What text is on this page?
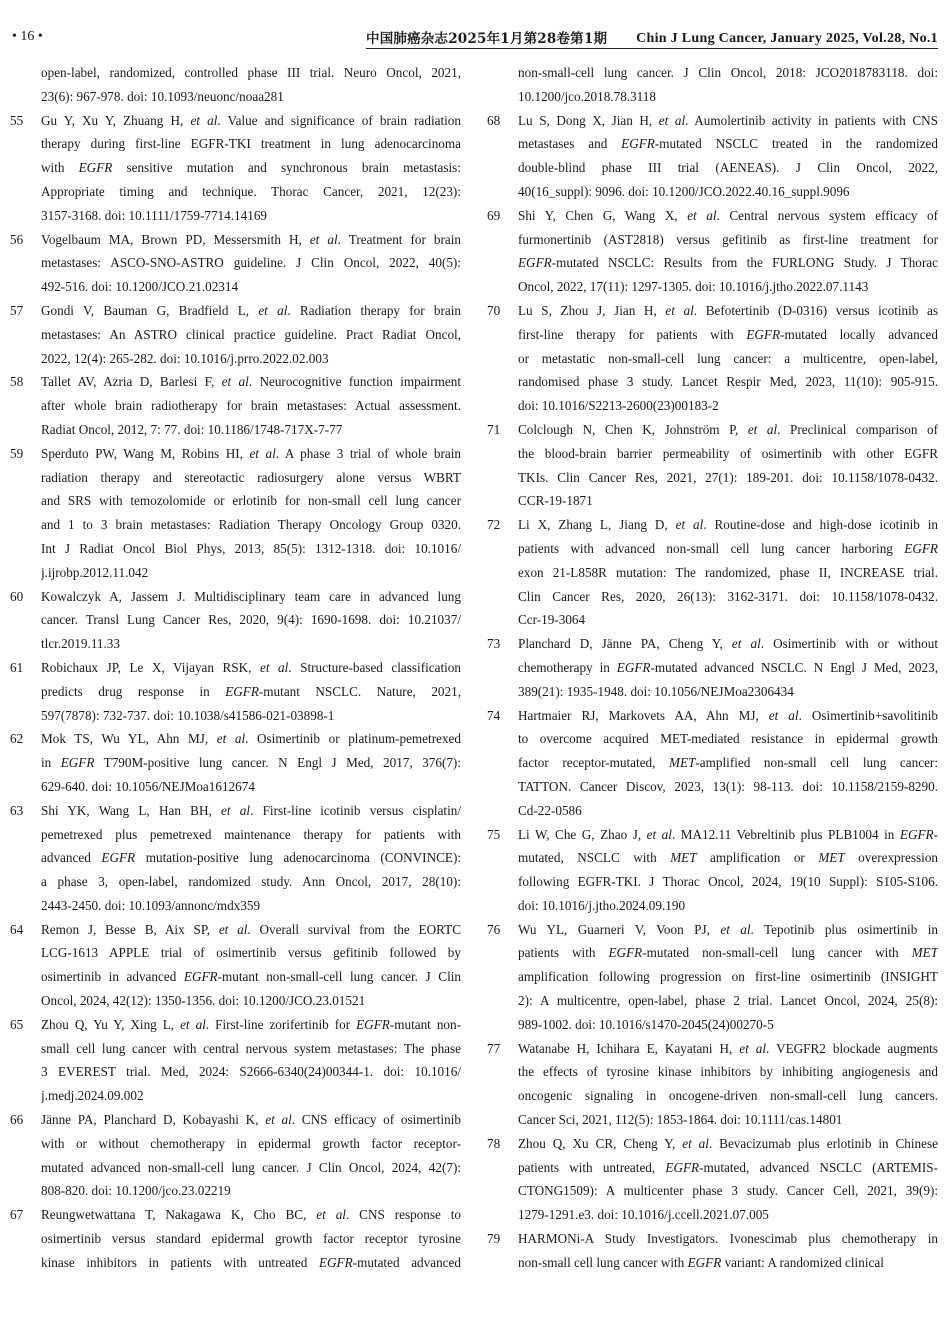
• 16 •	中国肺癌杂志2025年1月第28卷第1期 Chin J Lung Cancer, January 2025, Vol.28, No.1
open-label, randomized, controlled phase III trial. Neuro Oncol, 2021,
23(6): 967-978. doi: 10.1093/neuonc/noaa281
55 Gu Y, Xu Y, Zhuang H, et al. Value and significance of brain radiation
therapy during first-line EGFR-TKI treatment in lung adenocarcinoma
with EGFR sensitive mutation and synchronous brain metastasis:
Appropriate timing and technique. Thorac Cancer, 2021, 12(23):
3157-3168. doi: 10.1111/1759-7714.14169
56 Vogelbaum MA, Brown PD, Messersmith H, et al. Treatment for brain
metastases: ASCO-SNO-ASTRO guideline. J Clin Oncol, 2022, 40(5):
492-516. doi: 10.1200/JCO.21.02314
57 Gondi V, Bauman G, Bradfield L, et al. Radiation therapy for brain
metastases: An ASTRO clinical practice guideline. Pract Radiat Oncol,
2022, 12(4): 265-282. doi: 10.1016/j.prro.2022.02.003
58 Tallet AV, Azria D, Barlesi F, et al. Neurocognitive function impairment
after whole brain radiotherapy for brain metastases: Actual assessment.
Radiat Oncol, 2012, 7: 77. doi: 10.1186/1748-717X-7-77
59 Sperduto PW, Wang M, Robins HI, et al. A phase 3 trial of whole brain
radiation therapy and stereotactic radiosurgery alone versus WBRT
and SRS with temozolomide or erlotinib for non-small cell lung cancer
and 1 to 3 brain metastases: Radiation Therapy Oncology Group 0320.
Int J Radiat Oncol Biol Phys, 2013, 85(5): 1312-1318. doi: 10.1016/
j.ijrobp.2012.11.042
60 Kowalczyk A, Jassem J. Multidisciplinary team care in advanced lung
cancer. Transl Lung Cancer Res, 2020, 9(4): 1690-1698. doi: 10.21037/
tlcr.2019.11.33
61 Robichaux JP, Le X, Vijayan RSK, et al. Structure-based classification
predicts drug response in EGFR-mutant NSCLC. Nature, 2021,
597(7878): 732-737. doi: 10.1038/s41586-021-03898-1
62 Mok TS, Wu YL, Ahn MJ, et al. Osimertinib or platinum-pemetrexed
in EGFR T790M-positive lung cancer. N Engl J Med, 2017, 376(7):
629-640. doi: 10.1056/NEJMoa1612674
63 Shi YK, Wang L, Han BH, et al. First-line icotinib versus cisplatin/
pemetrexed plus pemetrexed maintenance therapy for patients with
advanced EGFR mutation-positive lung adenocarcinoma (CONVINCE):
a phase 3, open-label, randomized study. Ann Oncol, 2017, 28(10):
2443-2450. doi: 10.1093/annonc/mdx359
64 Remon J, Besse B, Aix SP, et al. Overall survival from the EORTC
LCG-1613 APPLE trial of osimertinib versus gefitinib followed by
osimertinib in advanced EGFR-mutant non-small-cell lung cancer. J Clin
Oncol, 2024, 42(12): 1350-1356. doi: 10.1200/JCO.23.01521
65 Zhou Q, Yu Y, Xing L, et al. First-line zorifertinib for EGFR-mutant non-
small cell lung cancer with central nervous system metastases: The phase
3 EVEREST trial. Med, 2024: S2666-6340(24)00344-1. doi: 10.1016/
j.medj.2024.09.002
66 Jänne PA, Planchard D, Kobayashi K, et al. CNS efficacy of osimertinib
with or without chemotherapy in epidermal growth factor receptor-
mutated advanced non-small-cell lung cancer. J Clin Oncol, 2024, 42(7):
808-820. doi: 10.1200/jco.23.02219
67 Reungwetwattana T, Nakagawa K, Cho BC, et al. CNS response to
osimertinib versus standard epidermal growth factor receptor tyrosine
kinase inhibitors in patients with untreated EGFR-mutated advanced
non-small-cell lung cancer. J Clin Oncol, 2018: JCO2018783118. doi:
10.1200/jco.2018.78.3118
68 Lu S, Dong X, Jian H, et al. Aumolertinib activity in patients with CNS
metastases and EGFR-mutated NSCLC treated in the randomized
double-blind phase III trial (AENEAS). J Clin Oncol, 2022,
40(16_suppl): 9096. doi: 10.1200/JCO.2022.40.16_suppl.9096
69 Shi Y, Chen G, Wang X, et al. Central nervous system efficacy of
furmonertinib (AST2818) versus gefitinib as first-line treatment for
EGFR-mutated NSCLC: Results from the FURLONG Study. J Thorac
Oncol, 2022, 17(11): 1297-1305. doi: 10.1016/j.jtho.2022.07.1143
70 Lu S, Zhou J, Jian H, et al. Befotertinib (D-0316) versus icotinib as
first-line therapy for patients with EGFR-mutated locally advanced
or metastatic non-small-cell lung cancer: a multicentre, open-label,
randomised phase 3 study. Lancet Respir Med, 2023, 11(10): 905-915.
doi: 10.1016/S2213-2600(23)00183-2
71 Colclough N, Chen K, Johnström P, et al. Preclinical comparison of
the blood-brain barrier permeability of osimertinib with other EGFR
TKIs. Clin Cancer Res, 2021, 27(1): 189-201. doi: 10.1158/1078-0432.
CCR-19-1871
72 Li X, Zhang L, Jiang D, et al. Routine-dose and high-dose icotinib in
patients with advanced non-small cell lung cancer harboring EGFR
exon 21-L858R mutation: The randomized, phase II, INCREASE trial.
Clin Cancer Res, 2020, 26(13): 3162-3171. doi: 10.1158/1078-0432.
Ccr-19-3064
73 Planchard D, Jänne PA, Cheng Y, et al. Osimertinib with or without
chemotherapy in EGFR-mutated advanced NSCLC. N Engl J Med, 2023,
389(21): 1935-1948. doi: 10.1056/NEJMoa2306434
74 Hartmaier RJ, Markovets AA, Ahn MJ, et al. Osimertinib+savolitinib
to overcome acquired MET-mediated resistance in epidermal growth
factor receptor-mutated, MET-amplified non-small cell lung cancer:
TATTON. Cancer Discov, 2023, 13(1): 98-113. doi: 10.1158/2159-8290.
Cd-22-0586
75 Li W, Che G, Zhao J, et al. MA12.11 Vebreltinib plus PLB1004 in EGFR-
mutated, NSCLC with MET amplification or MET overexpression
following EGFR-TKI. J Thorac Oncol, 2024, 19(10 Suppl): S105-S106.
doi: 10.1016/j.jtho.2024.09.190
76 Wu YL, Guarneri V, Voon PJ, et al. Tepotinib plus osimertinib in
patients with EGFR-mutated non-small-cell lung cancer with MET
amplification following progression on first-line osimertinib (INSIGHT
2): A multicentre, open-label, phase 2 trial. Lancet Oncol, 2024, 25(8):
989-1002. doi: 10.1016/s1470-2045(24)00270-5
77 Watanabe H, Ichihara E, Kayatani H, et al. VEGFR2 blockade augments
the effects of tyrosine kinase inhibitors by inhibiting angiogenesis and
oncogenic signaling in oncogene-driven non-small-cell lung cancers.
Cancer Sci, 2021, 112(5): 1853-1864. doi: 10.1111/cas.14801
78 Zhou Q, Xu CR, Cheng Y, et al. Bevacizumab plus erlotinib in Chinese
patients with untreated, EGFR-mutated, advanced NSCLC (ARTEMIS-
CTONG1509): A multicenter phase 3 study. Cancer Cell, 2021, 39(9):
1279-1291.e3. doi: 10.1016/j.ccell.2021.07.005
79 HARMONi-A Study Investigators. Ivonescimab plus chemotherapy in
non-small cell lung cancer with EGFR variant: A randomized clinical
